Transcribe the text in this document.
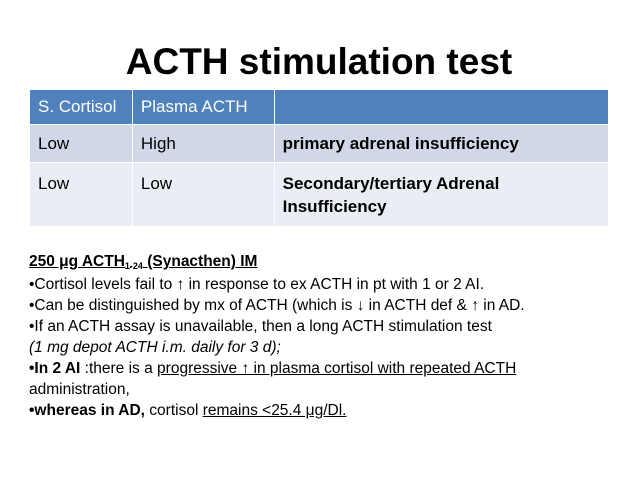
ACTH stimulation test
S. Cortisol	Plasma ACTH	
Low	High	primary adrenal insufficiency
Low	Low	Secondary/tertiary Adrenal
Insufficiency

250 μg $ACTH_{1-24}$ (Synacthen) IM

•Cortisol levels fail to ↑ in response to ex ACTH in pt with 1 or 2 AI.

•Can be distinguished by mx of ACTH (which is ↓ in ACTH def & ↑ in AD.

•If an ACTH assay is unavailable, then a long ACTH stimulation test

(1 mg depot ACTH i.m. daily for 3 d);

•In 2 AI :there is a progressive ↑ in plasma cortisol with repeated ACTH

administration,

•whereas in AD, cortisol remains <25.4 μg/Dl.
